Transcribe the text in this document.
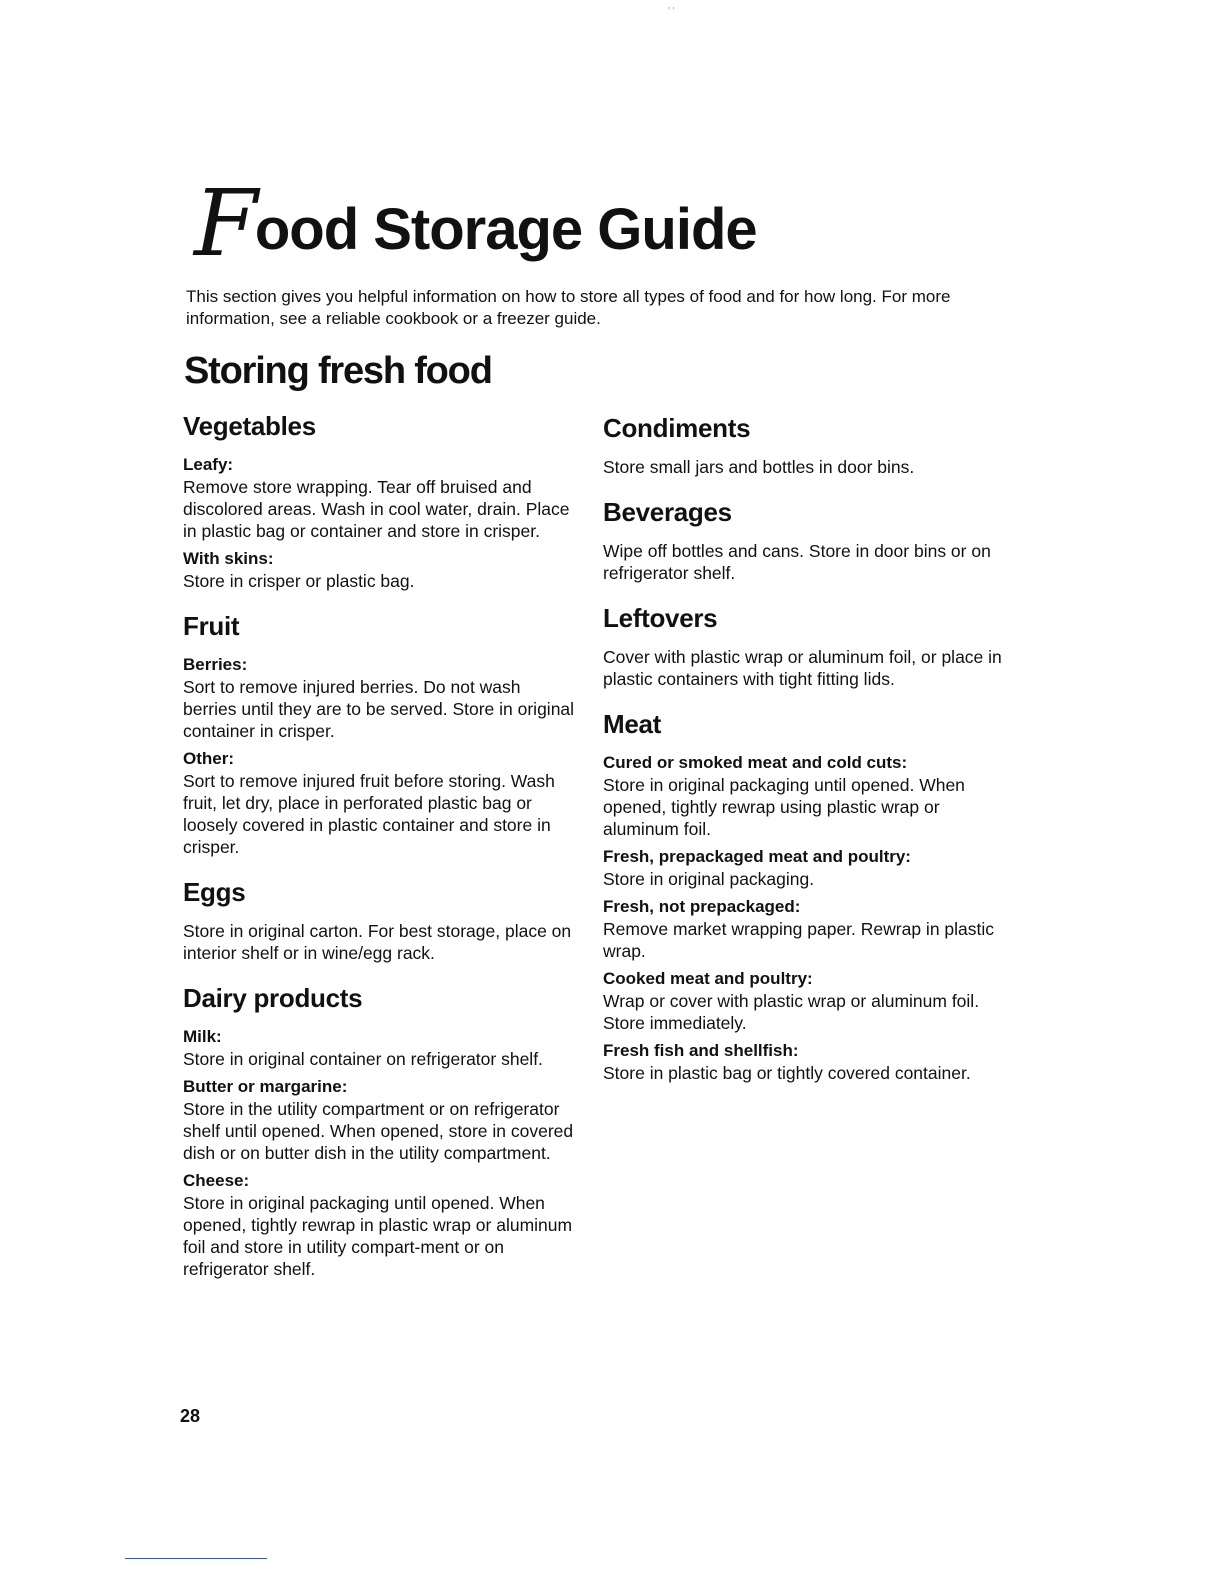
' '
Food Storage Guide

This section gives you helpful information on how to store all types of food and for how long. For more information, see a reliable cookbook or a freezer guide.

Storing fresh food
Vegetables
Leafy:

Remove store wrapping. Tear off bruised and discolored areas. Wash in cool water, drain. Place in plastic bag or container and store in crisper.

With skins:

Store in crisper or plastic bag.

Fruit
Berries:

Sort to remove injured berries. Do not wash berries until they are to be served. Store in original container in crisper.

Other:

Sort to remove injured fruit before storing. Wash fruit, let dry, place in perforated plastic bag or loosely covered in plastic container and store in crisper.

Eggs

Store in original carton. For best storage, place on interior shelf or in wine/egg rack.

Dairy products
Milk:

Store in original container on refrigerator shelf.

Butter or margarine:

Store in the utility compartment or on refrigerator shelf until opened. When opened, store in covered dish or on butter dish in the utility compartment.

Cheese:

Store in original packaging until opened. When opened, tightly rewrap in plastic wrap or aluminum foil and store in utility compart-ment or on refrigerator shelf.

Condiments

Store small jars and bottles in door bins.

Beverages

Wipe off bottles and cans. Store in door bins or on refrigerator shelf.

Leftovers

Cover with plastic wrap or aluminum foil, or place in plastic containers with tight fitting lids.

Meat
Cured or smoked meat and cold cuts:

Store in original packaging until opened. When opened, tightly rewrap using plastic wrap or aluminum foil.

Fresh, prepackaged meat and poultry:

Store in original packaging.

Fresh, not prepackaged:

Remove market wrapping paper. Rewrap in plastic wrap.

Cooked meat and poultry:

Wrap or cover with plastic wrap or aluminum foil. Store immediately.

Fresh fish and shellfish:

Store in plastic bag or tightly covered container.

28
